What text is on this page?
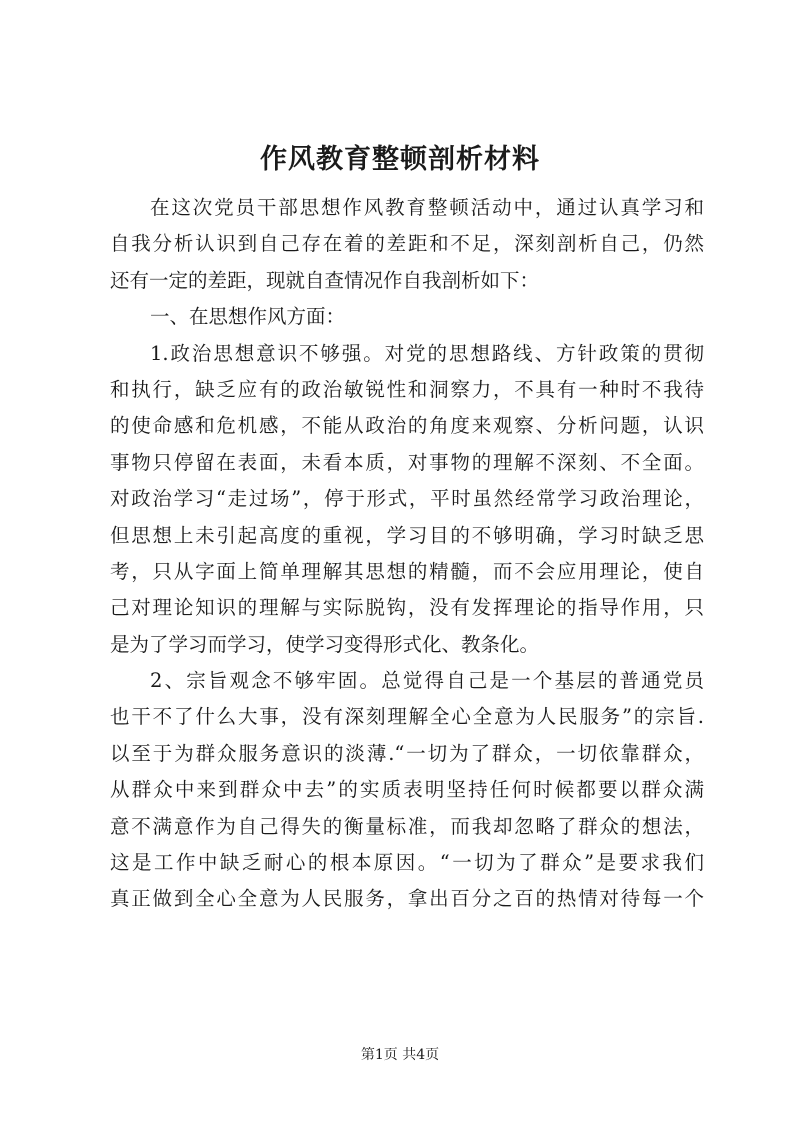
作风教育整顿剖析材料
在这次党员干部思想作风教育整顿活动中，通过认真学习和
自我分析认识到自己存在着的差距和不足，深刻剖析自己，仍然
还有一定的差距，现就自查情况作自我剖析如下：
一、在思想作风方面：
1.政治思想意识不够强。对党的思想路线、方针政策的贯彻
和执行，缺乏应有的政治敏锐性和洞察力，不具有一种时不我待
的使命感和危机感，不能从政治的角度来观察、分析问题，认识
事物只停留在表面，未看本质，对事物的理解不深刻、不全面。
对政治学习“走过场”，停于形式，平时虽然经常学习政治理论，
但思想上未引起高度的重视，学习目的不够明确，学习时缺乏思
考，只从字面上简单理解其思想的精髓，而不会应用理论，使自
己对理论知识的理解与实际脱钩，没有发挥理论的指导作用，只
是为了学习而学习，使学习变得形式化、教条化。
2、宗旨观念不够牢固。总觉得自己是一个基层的普通党员
也干不了什么大事，没有深刻理解全心全意为人民服务”的宗旨.
以至于为群众服务意识的淡薄.“一切为了群众，一切依靠群众，
从群众中来到群众中去”的实质表明坚持任何时候都要以群众满
意不满意作为自己得失的衡量标准，而我却忽略了群众的想法，
这是工作中缺乏耐心的根本原因。“一切为了群众”是要求我们
真正做到全心全意为人民服务，拿出百分之百的热情对待每一个
第1页 共4页
